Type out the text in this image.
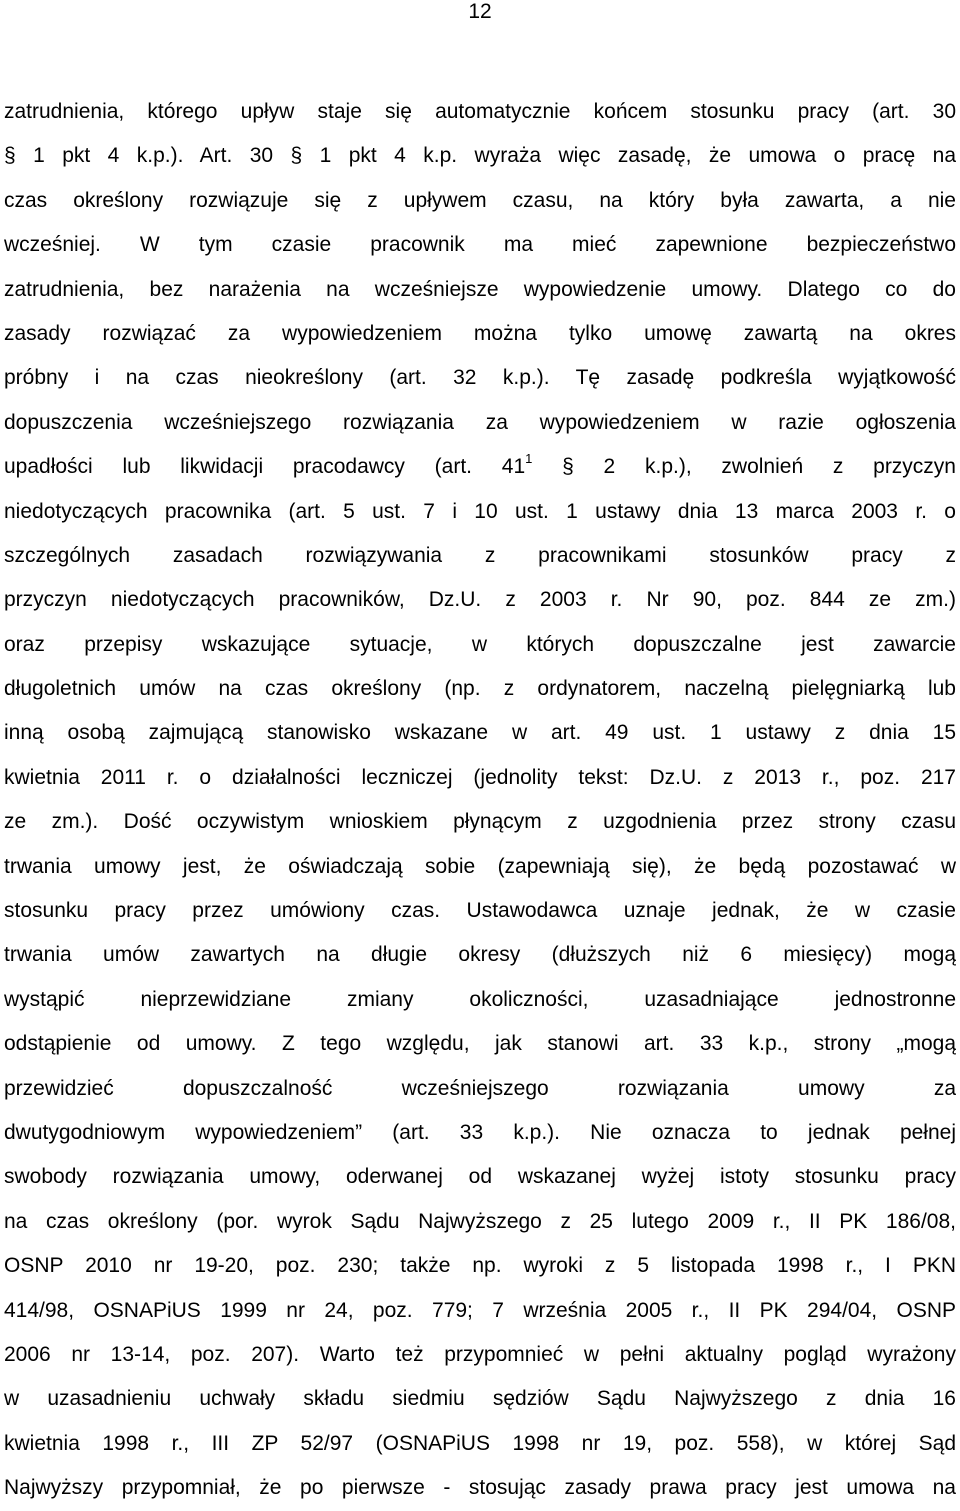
12
zatrudnienia, którego upływ staje się automatycznie końcem stosunku pracy (art. 30
§ 1 pkt 4 k.p.). Art. 30 § 1 pkt 4 k.p. wyraża więc zasadę, że umowa o pracę na
czas określony rozwiązuje się z upływem czasu, na który była zawarta, a nie
wcześniej. W tym czasie pracownik ma mieć zapewnione bezpieczeństwo
zatrudnienia, bez narażenia na wcześniejsze wypowiedzenie umowy. Dlatego co do
zasady rozwiązać za wypowiedzeniem można tylko umowę zawartą na okres
próbny i na czas nieokreślony (art. 32 k.p.). Tę zasadę podkreśla wyjątkowość
dopuszczenia wcześniejszego rozwiązania za wypowiedzeniem w razie ogłoszenia
upadłości lub likwidacji pracodawcy (art. $41^1$ § 2 k.p.), zwolnień z przyczyn
niedotyczących pracownika (art. 5 ust. 7 i 10 ust. 1 ustawy dnia 13 marca 2003 r. o
szczególnych zasadach rozwiązywania z pracownikami stosunków pracy z
przyczyn niedotyczących pracowników, Dz.U. z 2003 r. Nr 90, poz. 844 ze zm.)
oraz przepisy wskazujące sytuacje, w których dopuszczalne jest zawarcie
długoletnich umów na czas określony (np. z ordynatorem, naczelną pielęgniarką lub
inną osobą zajmującą stanowisko wskazane w art. 49 ust. 1 ustawy z dnia 15
kwietnia 2011 r. o działalności leczniczej (jednolity tekst: Dz.U. z 2013 r., poz. 217
ze zm.). Dość oczywistym wnioskiem płynącym z uzgodnienia przez strony czasu
trwania umowy jest, że oświadczają sobie (zapewniają się), że będą pozostawać w
stosunku pracy przez umówiony czas. Ustawodawca uznaje jednak, że w czasie
trwania umów zawartych na długie okresy (dłuższych niż 6 miesięcy) mogą
wystąpić nieprzewidziane zmiany okoliczności, uzasadniające jednostronne
odstąpienie od umowy. Z tego względu, jak stanowi art. 33 k.p., strony „mogą
przewidzieć dopuszczalność wcześniejszego rozwiązania umowy za
dwutygodniowym wypowiedzeniem” (art. 33 k.p.). Nie oznacza to jednak pełnej
swobody rozwiązania umowy, oderwanej od wskazanej wyżej istoty stosunku pracy
na czas określony (por. wyrok Sądu Najwyższego z 25 lutego 2009 r., II PK 186/08,
OSNP 2010 nr 19-20, poz. 230; także np. wyroki z 5 listopada 1998 r., I PKN
414/98, OSNAPiUS 1999 nr 24, poz. 779; 7 września 2005 r., II PK 294/04, OSNP
2006 nr 13-14, poz. 207). Warto też przypomnieć w pełni aktualny pogląd wyrażony
w uzasadnieniu uchwały składu siedmiu sędziów Sądu Najwyższego z dnia 16
kwietnia 1998 r., III ZP 52/97 (OSNAPiUS 1998 nr 19, poz. 558), w której Sąd
Najwyższy przypomniał, że po pierwsze - stosując zasady prawa pracy jest umowa na
